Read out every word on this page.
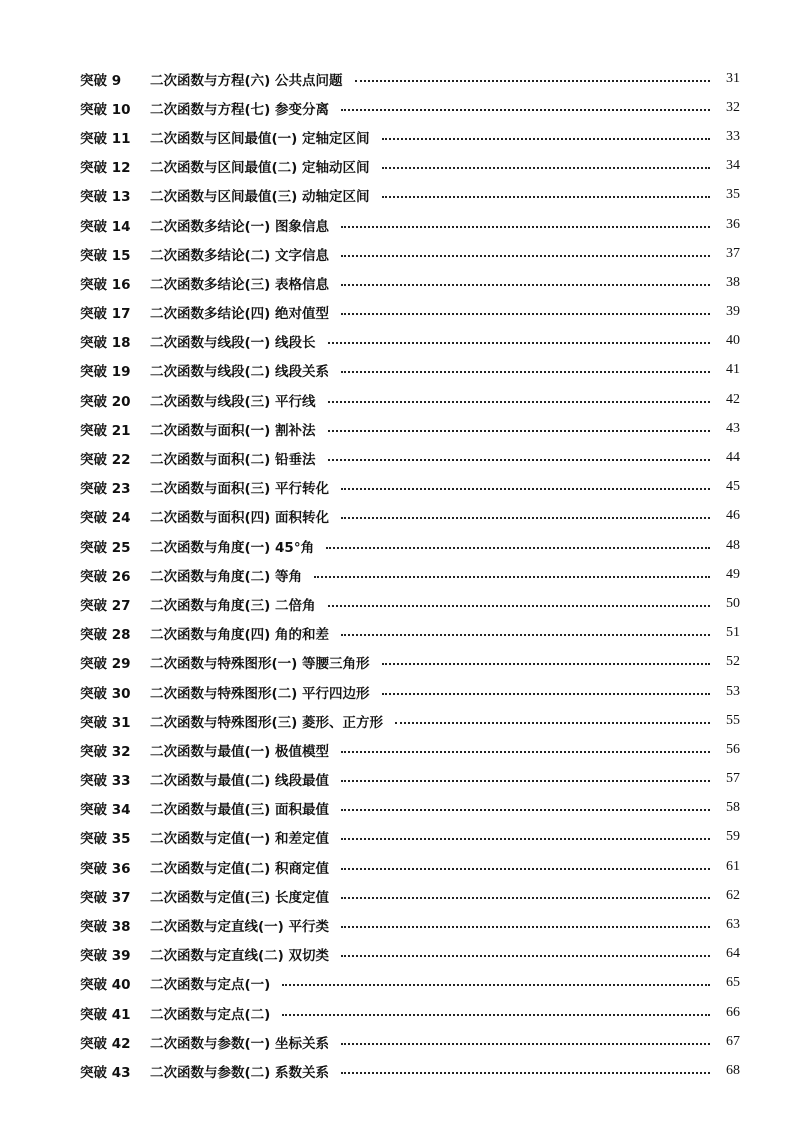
突破 9	二次函数与方程(六) 公共点问题	31
突破 10	二次函数与方程(七) 参变分离	32
突破 11	二次函数与区间最值(一) 定轴定区间	33
突破 12	二次函数与区间最值(二) 定轴动区间	34
突破 13	二次函数与区间最值(三) 动轴定区间	35
突破 14	二次函数多结论(一) 图象信息	36
突破 15	二次函数多结论(二) 文字信息	37
突破 16	二次函数多结论(三) 表格信息	38
突破 17	二次函数多结论(四) 绝对值型	39
突破 18	二次函数与线段(一) 线段长	40
突破 19	二次函数与线段(二) 线段关系	41
突破 20	二次函数与线段(三) 平行线	42
突破 21	二次函数与面积(一) 割补法	43
突破 22	二次函数与面积(二) 铅垂法	44
突破 23	二次函数与面积(三) 平行转化	45
突破 24	二次函数与面积(四) 面积转化	46
突破 25	二次函数与角度(一) 45°角	48
突破 26	二次函数与角度(二) 等角	49
突破 27	二次函数与角度(三) 二倍角	50
突破 28	二次函数与角度(四) 角的和差	51
突破 29	二次函数与特殊图形(一) 等腰三角形	52
突破 30	二次函数与特殊图形(二) 平行四边形	53
突破 31	二次函数与特殊图形(三) 菱形、正方形	55
突破 32	二次函数与最值(一) 极值模型	56
突破 33	二次函数与最值(二) 线段最值	57
突破 34	二次函数与最值(三) 面积最值	58
突破 35	二次函数与定值(一) 和差定值	59
突破 36	二次函数与定值(二) 积商定值	61
突破 37	二次函数与定值(三) 长度定值	62
突破 38	二次函数与定直线(一) 平行类	63
突破 39	二次函数与定直线(二) 双切类	64
突破 40	二次函数与定点(一)	65
突破 41	二次函数与定点(二)	66
突破 42	二次函数与参数(一) 坐标关系	67
突破 43	二次函数与参数(二) 系数关系	68
